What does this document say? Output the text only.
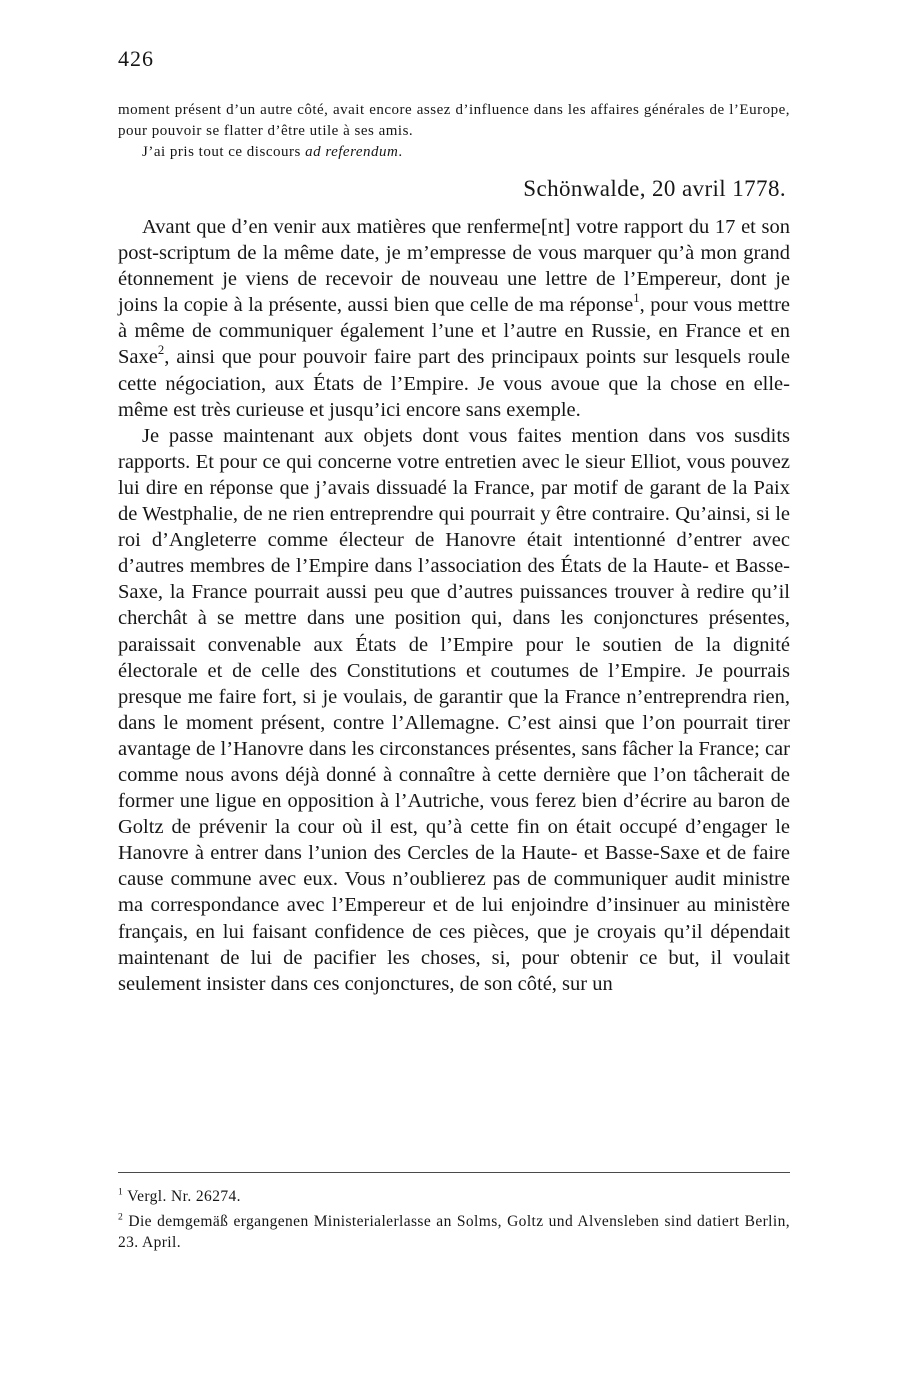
426

moment présent d’un autre côté, avait encore assez d’influence dans les affaires générales de l’Europe, pour pouvoir se flatter d’être utile à ses amis.

J’ai pris tout ce discours ad referendum.

Schönwalde, 20 avril 1778.

Avant que d’en venir aux matières que renferme[nt] votre rapport du 17 et son post-scriptum de la même date, je m’empresse de vous marquer qu’à mon grand étonnement je viens de recevoir de nouveau une lettre de l’Empereur, dont je joins la copie à la présente, aussi bien que celle de ma réponse$^1$, pour vous mettre à même de communiquer également l’une et l’autre en Russie, en France et en Saxe$^2$, ainsi que pour pouvoir faire part des principaux points sur lesquels roule cette négociation, aux États de l’Empire. Je vous avoue que la chose en elle-même est très curieuse et jusqu’ici encore sans exemple.

Je passe maintenant aux objets dont vous faites mention dans vos susdits rapports. Et pour ce qui concerne votre entretien avec le sieur Elliot, vous pouvez lui dire en réponse que j’avais dissuadé la France, par motif de garant de la Paix de Westphalie, de ne rien entreprendre qui pourrait y être contraire. Qu’ainsi, si le roi d’Angleterre comme électeur de Hanovre était intentionné d’entrer avec d’autres membres de l’Empire dans l’association des États de la Haute- et Basse-Saxe, la France pourrait aussi peu que d’autres puissances trouver à redire qu’il cherchât à se mettre dans une position qui, dans les conjonctures présentes, paraissait convenable aux États de l’Empire pour le soutien de la dignité électorale et de celle des Constitutions et coutumes de l’Empire. Je pourrais presque me faire fort, si je voulais, de garantir que la France n’entreprendra rien, dans le moment présent, contre l’Allemagne. C’est ainsi que l’on pourrait tirer avantage de l’Hanovre dans les circonstances présentes, sans fâcher la France; car comme nous avons déjà donné à connaître à cette dernière que l’on tâcherait de former une ligue en opposition à l’Autriche, vous ferez bien d’écrire au baron de Goltz de prévenir la cour où il est, qu’à cette fin on était occupé d’engager le Hanovre à entrer dans l’union des Cercles de la Haute- et Basse-Saxe et de faire cause commune avec eux. Vous n’oublierez pas de communiquer audit ministre ma correspondance avec l’Empereur et de lui enjoindre d’insinuer au ministère français, en lui faisant confidence de ces pièces, que je croyais qu’il dépendait maintenant de lui de pacifier les choses, si, pour obtenir ce but, il voulait seulement insister dans ces conjonctures, de son côté, sur un

$^1$ Vergl. Nr. 26274.

$^2$ Die demgemäß ergangenen Ministerialerlasse an Solms, Goltz und Alvensleben sind datiert Berlin, 23. April.
